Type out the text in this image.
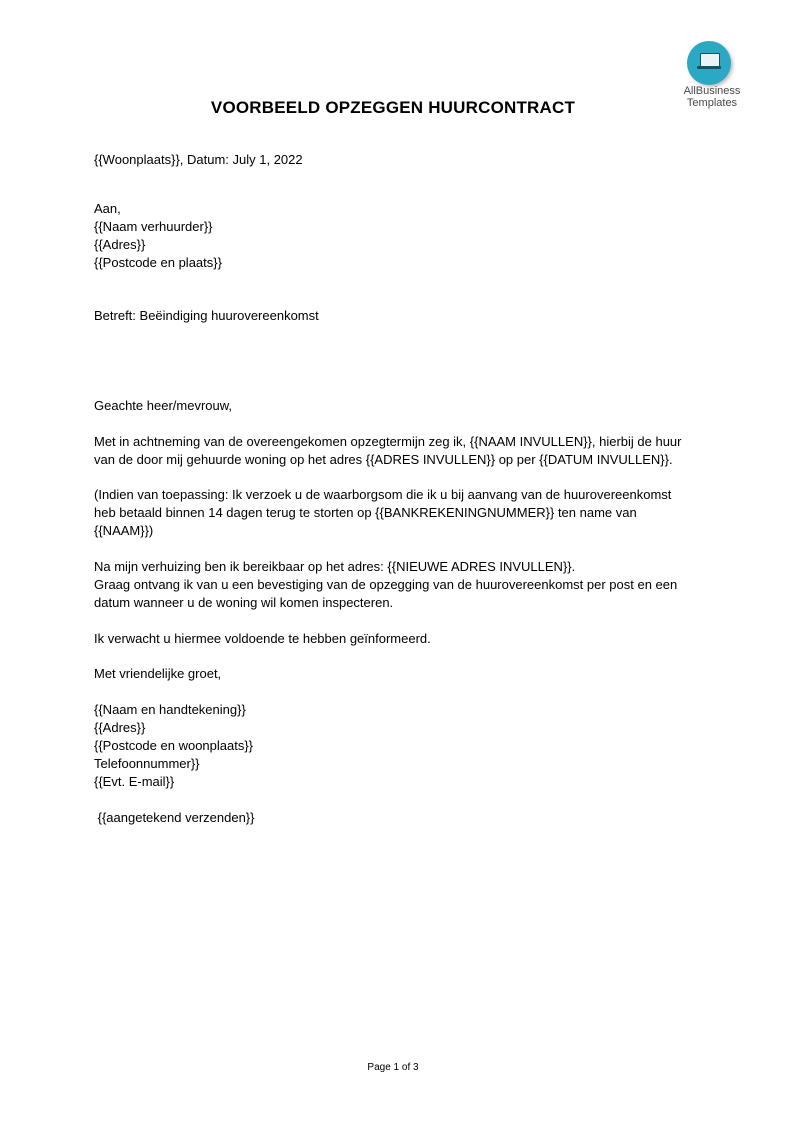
AllBusiness
Templates
VOORBEELD OPZEGGEN HUURCONTRACT
{{Woonplaats}}, Datum: July 1, 2022
Aan,
{{Naam verhuurder}}
{{Adres}}
{{Postcode en plaats}}
Betreft: Beëindiging huurovereenkomst
Geachte heer/mevrouw,
Met in achtneming van de overeengekomen opzegtermijn zeg ik, {{NAAM INVULLEN}}, hierbij de huur
van de door mij gehuurde woning op het adres {{ADRES INVULLEN}} op per {{DATUM INVULLEN}}.
(Indien van toepassing: Ik verzoek u de waarborgsom die ik u bij aanvang van de huurovereenkomst
heb betaald binnen 14 dagen terug te storten op {{BANKREKENINGNUMMER}} ten name van
{{NAAM}})
Na mijn verhuizing ben ik bereikbaar op het adres: {{NIEUWE ADRES INVULLEN}}.
Graag ontvang ik van u een bevestiging van de opzegging van de huurovereenkomst per post en een
datum wanneer u de woning wil komen inspecteren.
Ik verwacht u hiermee voldoende te hebben geïnformeerd.
Met vriendelijke groet,
{{Naam en handtekening}}
{{Adres}}
{{Postcode en woonplaats}}
Telefoonnummer}}
{{Evt. E-mail}}
{{aangetekend verzenden}}
Page 1 of 3
